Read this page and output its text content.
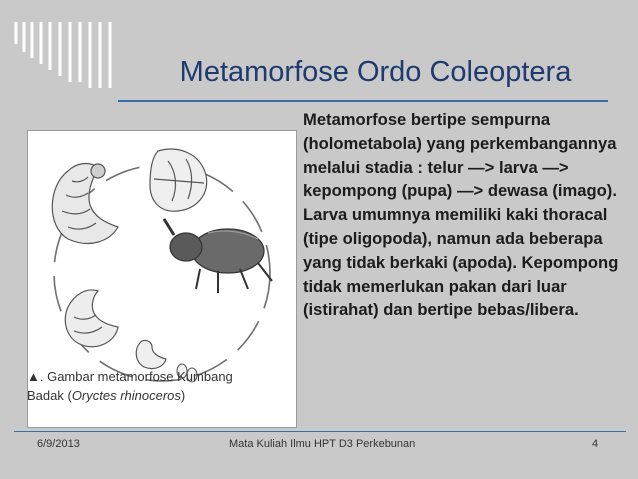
Metamorfose Ordo Coleoptera
▲. Gambar metamorfose Kumbang Badak (Oryctes rhinoceros)
Metamorfose bertipe sempurna (holometabola) yang perkembangannya melalui stadia : telur —> larva —> kepompong (pupa) —> dewasa (imago). Larva umumnya memiliki kaki thoracal (tipe oligopoda), namun ada beberapa yang tidak berkaki (apoda). Kepompong tidak memerlukan pakan dari luar (istirahat) dan bertipe bebas/libera.
6/9/2013	Mata Kuliah Ilmu HPT D3 Perkebunan	4
